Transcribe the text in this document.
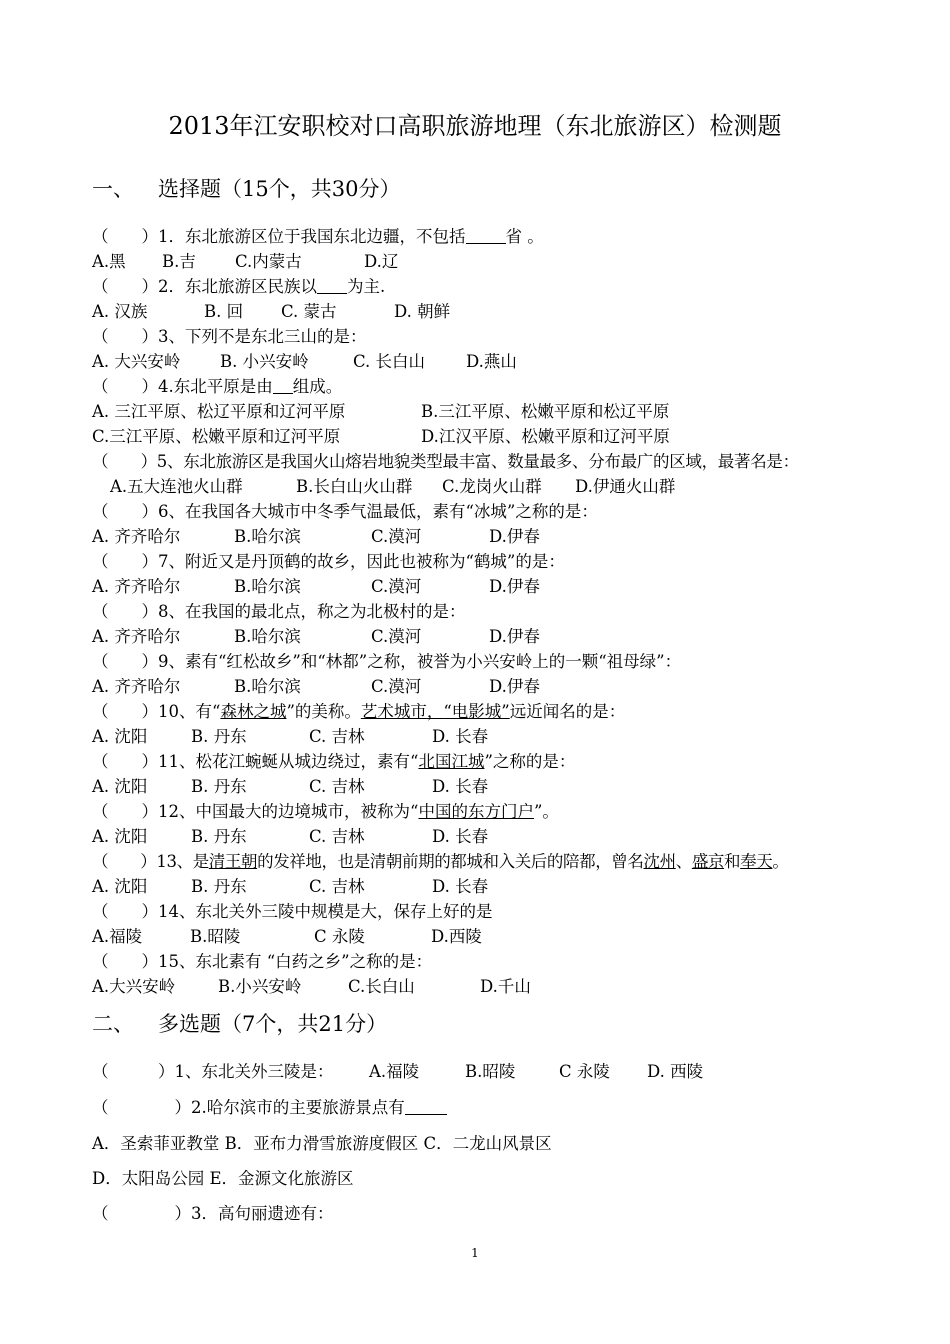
2013年江安职校对口高职旅游地理（东北旅游区）检测题
一、 选择题（15个，共30分）
（　　）1．东北旅游区位于我国东北边疆，不包括 省 。
A.黑 B.吉 C.内蒙古	D.辽
（　　）2．东北旅游区民族以 为主.
A. 汉族	B. 回 C. 蒙古	D. 朝鲜
（　　）3、下列不是东北三山的是：
A. 大兴安岭 B. 小兴安岭	C. 长白山 D.燕山
（　　）4.东北平原是由 组成。
A. 三江平原、松辽平原和辽河平原	B.三江平原、松嫩平原和松辽平原
C.三江平原、松嫩平原和辽河平原	D.江汉平原、松嫩平原和辽河平原
（　　）5、东北旅游区是我国火山熔岩地貌类型最丰富、数量最多、分布最广的区域，最著名是：
A.五大连池火山群	B.长白山火山群 C.龙岗火山群 D.伊通火山群
（　　）6、在我国各大城市中冬季气温最低，素有“冰城”之称的是：
A. 齐齐哈尔	B.哈尔滨	C.漠河	D.伊春
（　　）7、附近又是丹顶鹤的故乡，因此也被称为“鹤城”的是：
A. 齐齐哈尔	B.哈尔滨	C.漠河	D.伊春
（　　）8、在我国的最北点，称之为北极村的是：
A. 齐齐哈尔	B.哈尔滨	C.漠河	D.伊春
（　　）9、素有“红松故乡”和“林都”之称，被誉为小兴安岭上的一颗“祖母绿”：
A. 齐齐哈尔	B.哈尔滨	C.漠河	D.伊春
（　　）10、有“森林之城”的美称。艺术城市，“电影城”远近闻名的是：
A. 沈阳	B. 丹东	C. 吉林	D. 长春
（　　）11、松花江蜿蜒从城边绕过，素有“北国江城”之称的是：
A. 沈阳	B. 丹东	C. 吉林	D. 长春
（　　）12、中国最大的边境城市，被称为“中国的东方门户”。
A. 沈阳	B. 丹东	C. 吉林	D. 长春
（　　）13、是清王朝的发祥地，也是清朝前期的都城和入关后的陪都，曾名沈州、盛京和奉天。
A. 沈阳	B. 丹东	C. 吉林	D. 长春
（　　）14、东北关外三陵中规模是大，保存上好的是
A.福陵	B.昭陵	C 永陵	D.西陵
（　　）15、东北素有 “白药之乡”之称的是：
A.大兴安岭	B.小兴安岭	C.长白山	D.千山
二、 多选题（7个，共21分）
（　　　）1、东北关外三陵是： A.福陵	B.昭陵	C 永陵 D. 西陵
（　　　　）2.哈尔滨市的主要旅游景点有
A．圣索菲亚教堂 B．亚布力滑雪旅游度假区 C．二龙山风景区
D．太阳岛公园 E．金源文化旅游区
（　　　　）3．高句丽遗迹有：
1
